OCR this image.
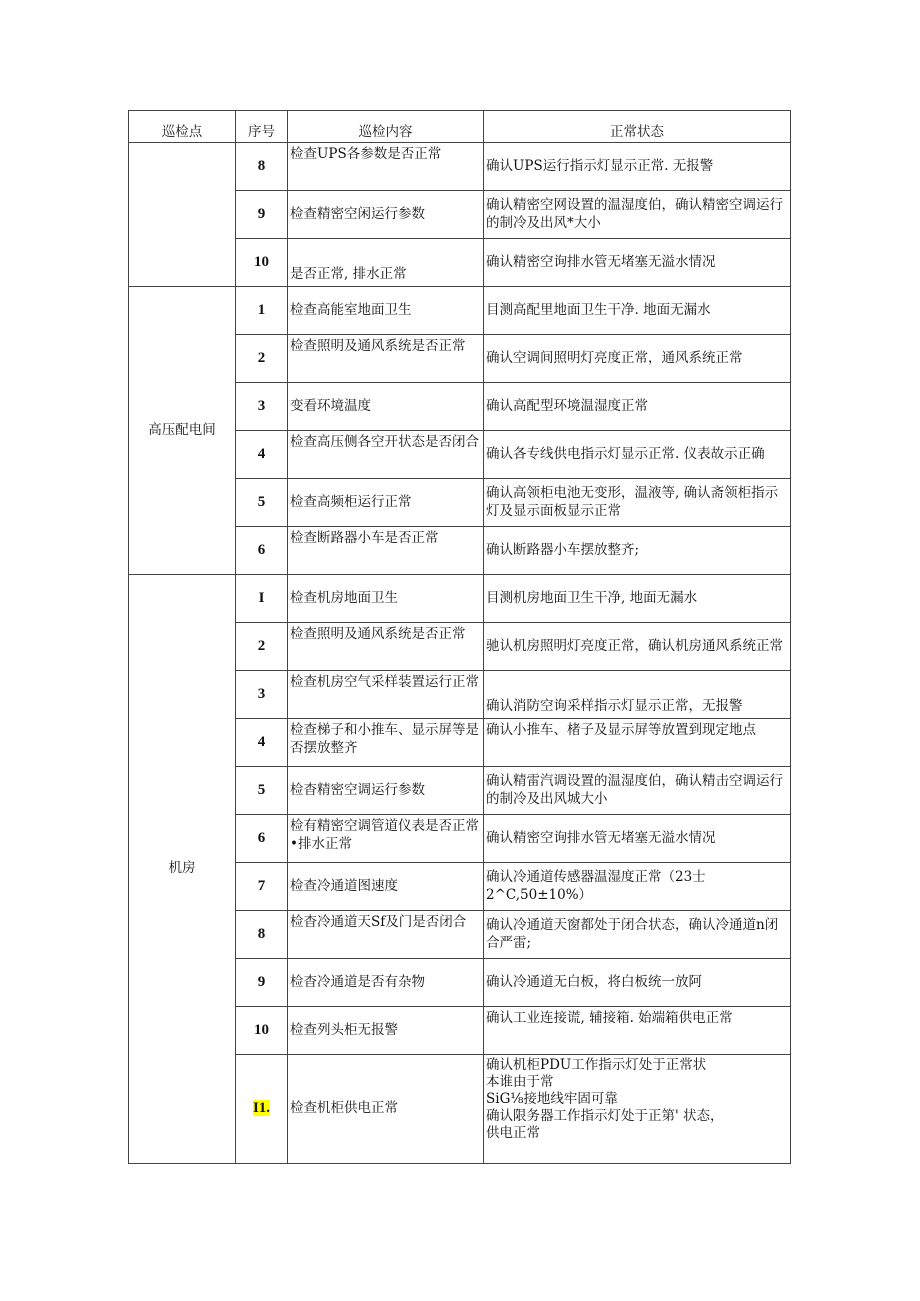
巡检点	序号	巡检内容	正常状态
	8	检查UPS各参数是否正常	确认UPS运行指示灯显示正常. 无报警
	9	检查精密空闲运行参数	确认精密空网设置的温湿度伯，确认精密空调运行的制冷及出风*大小
	10	是否正常, 排水正常	确认精密空询排水管无堵塞无溢水情况
高压配电间	1	检查高能室地面卫生	目测高配里地面卫生干净. 地面无漏水
	2	检查照明及通风系统是否正常	确认空调间照明灯亮度正常，通风系统正常
	3	变看环境温度	确认高配型环境温湿度正常
	4	检查高压侧各空开状态是否闭合	确认各专线供电指示灯显示正常. 仪表故示正确
	5	检查高频柜运行正常	确认高领柜电池无变形，温液等, 确认斋领柜指示灯及显示面板显示正常
	6	检查断路器小车是否正常	确认断路器小车摆放整齐;
机房	I	检查机房地面卫生	目测机房地面卫生干净, 地面无漏水
	2	检查照明及通风系统是否正常	驰认机房照明灯亮度正常，确认机房通风系统正常
	3	检查机房空气采样装置运行正常	确认消防空询采样指示灯显示正常，无报警
	4	检查梯子和小推车、显示屏等是否摆放整齐	确认小推车、楮子及显示屏等放置到现定地点
	5	检杳精密空调运行参数	确认精雷汽调设置的温湿度伯，确认精击空调运行的制冷及出风城大小
	6	检有精密空调管道仪表是否正常•排水正常	确认精密空询排水管无堵塞无溢水情况
	7	检查冷通道图速度	确认冷通道传感器温湿度正常（23士2^C,50±10%）
	8	检杳冷通道天Sf及门是否闭合	确认冷通道天窗都处于闭合状态，确认冷通道n闭合严雷;
	9	检杳冷通道是否有杂物	确认冷通道无白板，将白板统一放阿
	10	检查列头柜无报警	确认工业连接谎, 辅接箱. 始端箱供电正常
	I1.	检查机柜供电正常	确认机柜PDU工作指示灯处于正常状
本谁由于常
SiG⅛接地线牢固可靠
确认限务器工作指示灯处于正第' 状态，
供电正常
